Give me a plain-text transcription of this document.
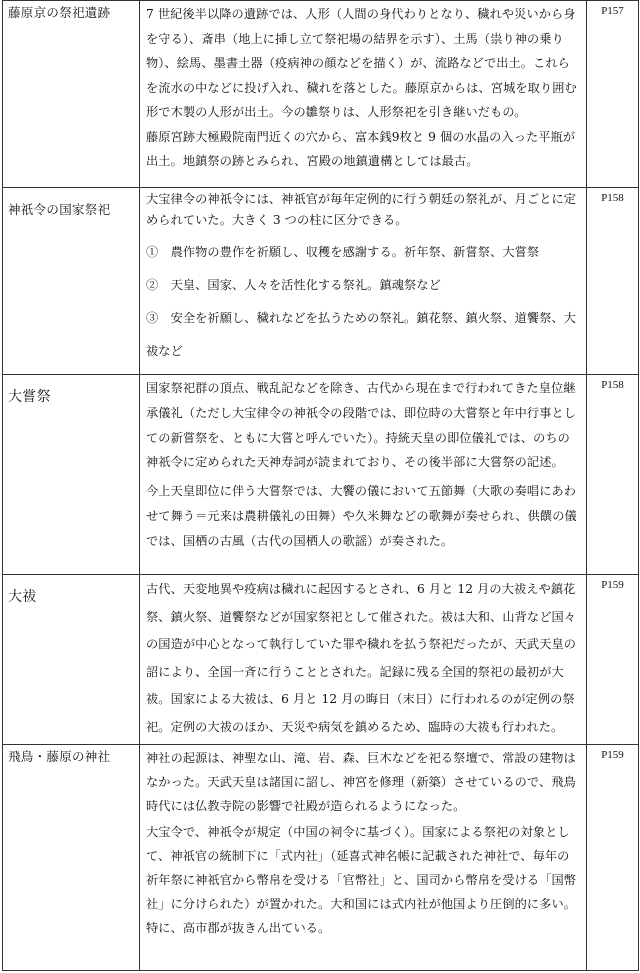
藤原京の祭祀遺跡	7 世紀後半以降の遺跡では、人形（人間の身代わりとなり、穢れや災いから身を守る）、斎串（地上に挿し立て祭祀場の結界を示す）、土馬（祟り神の乗り物）、絵馬、墨書土器（疫病神の顔などを描く）が、流路などで出土。これらを流水の中などに投げ入れ、穢れを落とした。藤原京からは、宮城を取り囲む形で木製の人形が出土。今の雛祭りは、人形祭祀を引き継いだもの。
藤原宮跡大極殿院南門近くの穴から、富本銭9枚と 9 個の水晶の入った平瓶が出土。地鎮祭の跡とみられ、宮殿の地鎮遺構としては最古。	P157
神祇令の国家祭祀	大宝律令の神祇令には、神祇官が毎年定例的に行う朝廷の祭礼が、月ごとに定められていた。大きく 3 つの柱に区分できる。
①　農作物の豊作を祈願し、収穫を感謝する。祈年祭、新嘗祭、大嘗祭
②　天皇、国家、人々を活性化する祭礼。鎮魂祭など
③　安全を祈願し、穢れなどを払うための祭礼。鎮花祭、鎮火祭、道饗祭、大祓など	P158
大嘗祭	国家祭祀群の頂点、戦乱記などを除き、古代から現在まで行われてきた皇位継承儀礼（ただし大宝律令の神祇令の段階では、即位時の大嘗祭と年中行事としての新嘗祭を、ともに大嘗と呼んでいた）。持統天皇の即位儀礼では、のちの神祇令に定められた天神寿詞が読まれており、その後半部に大嘗祭の記述。
今上天皇即位に伴う大嘗祭では、大饗の儀において五節舞（大歌の奏唱にあわせて舞う＝元来は農耕儀礼の田舞）や久米舞などの歌舞が奏せられ、供饌の儀では、国栖の古風（古代の国栖人の歌謡）が奏された。	P158
大祓	古代、天変地異や疫病は穢れに起因するとされ、6 月と 12 月の大祓えや鎮花祭、鎮火祭、道饗祭などが国家祭祀として催された。祓は大和、山背など国々の国造が中心となって執行していた罪や穢れを払う祭祀だったが、天武天皇の詔により、全国一斉に行うこととされた。記録に残る全国的祭祀の最初が大祓。国家による大祓は、6 月と 12 月の晦日（末日）に行われるのが定例の祭祀。定例の大祓のほか、天災や病気を鎮めるため、臨時の大祓も行われた。	P159
飛鳥・藤原の神社	神社の起源は、神聖な山、滝、岩、森、巨木などを祀る祭壇で、常設の建物はなかった。天武天皇は諸国に詔し、神宮を修理（新築）させているので、飛鳥時代には仏教寺院の影響で社殿が造られるようになった。
大宝令で、神祇令が規定（中国の祠令に基づく）。国家による祭祀の対象として、神祇官の統制下に「式内社」（延喜式神名帳に記載された神社で、毎年の祈年祭に神祇官から幣帛を受ける「官幣社」と、国司から幣帛を受ける「国幣社」に分けられた）が置かれた。大和国には式内社が他国より圧倒的に多い。特に、高市郡が抜きん出ている。	P159
